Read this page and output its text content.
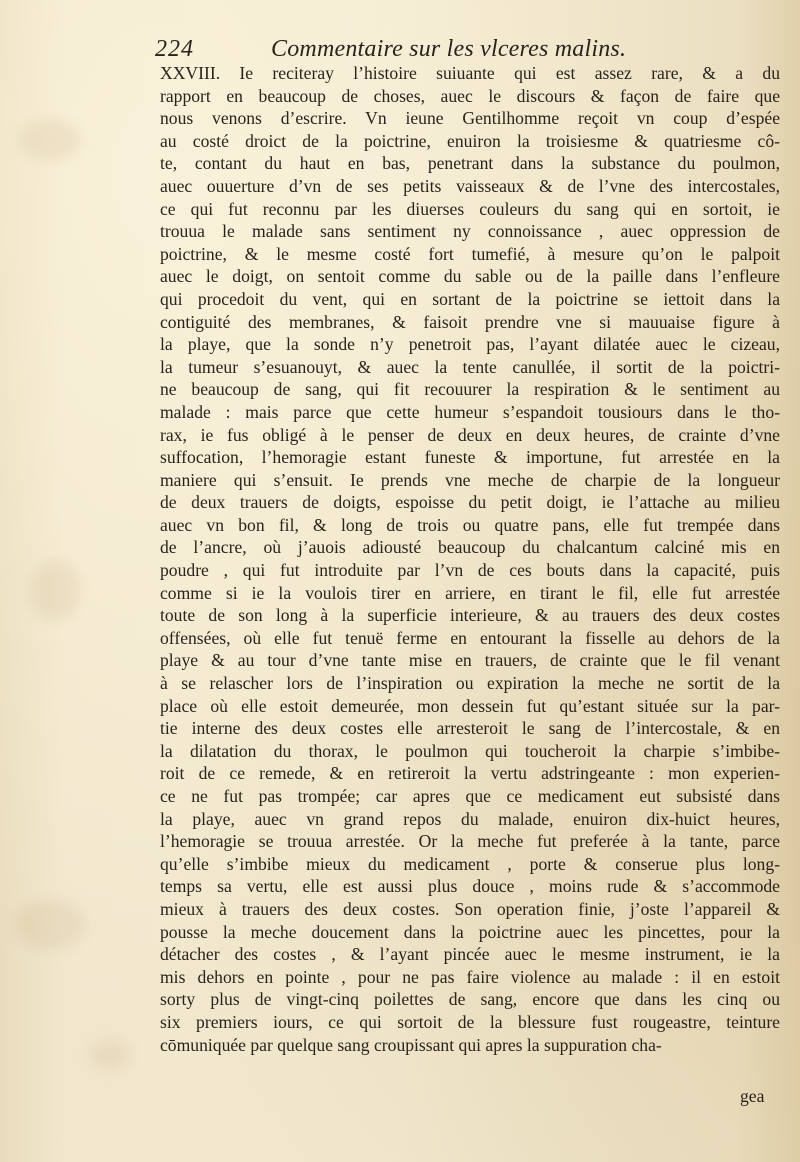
224	Commentaire sur les vlceres malins.
XXVIII. Ie reciteray l’histoire suiuante qui est assez rare, & a du
rapport en beaucoup de choses, auec le discours & façon de faire que
nous venons d’escrire. Vn ieune Gentilhomme reçoit vn coup d’espée
au costé droict de la poictrine, enuiron la troisiesme & quatriesme cô-
te, contant du haut en bas, penetrant dans la substance du poulmon,
auec ouuerture d’vn de ses petits vaisseaux & de l’vne des intercostales,
ce qui fut reconnu par les diuerses couleurs du sang qui en sortoit, ie
trouua le malade sans sentiment ny connoissance , auec oppression de
poictrine, & le mesme costé fort tumefié, à mesure qu’on le palpoit
auec le doigt, on sentoit comme du sable ou de la paille dans l’enfleure
qui procedoit du vent, qui en sortant de la poictrine se iettoit dans la
contiguité des membranes, & faisoit prendre vne si mauuaise figure à
la playe, que la sonde n’y penetroit pas, l’ayant dilatée auec le cizeau,
la tumeur s’esuanouyt, & auec la tente canullée, il sortit de la poictri-
ne beaucoup de sang, qui fit recouurer la respiration & le sentiment au
malade : mais parce que cette humeur s’espandoit tousiours dans le tho-
rax, ie fus obligé à le penser de deux en deux heures, de crainte d’vne
suffocation, l’hemoragie estant funeste & importune, fut arrestée en la
maniere qui s’ensuit. Ie prends vne meche de charpie de la longueur
de deux trauers de doigts, espoisse du petit doigt, ie l’attache au milieu
auec vn bon fil, & long de trois ou quatre pans, elle fut trempée dans
de l’ancre, où j’auois adiousté beaucoup du chalcantum calciné mis en
poudre , qui fut introduite par l’vn de ces bouts dans la capacité, puis
comme si ie la voulois tirer en arriere, en tirant le fil, elle fut arrestée
toute de son long à la superficie interieure, & au trauers des deux costes
offensées, où elle fut tenuë ferme en entourant la fisselle au dehors de la
playe & au tour d’vne tante mise en trauers, de crainte que le fil venant
à se relascher lors de l’inspiration ou expiration la meche ne sortit de la
place où elle estoit demeurée, mon dessein fut qu’estant située sur la par-
tie interne des deux costes elle arresteroit le sang de l’intercostale, & en
la dilatation du thorax, le poulmon qui toucheroit la charpie s’imbibe-
roit de ce remede, & en retireroit la vertu adstringeante : mon experien-
ce ne fut pas trompée; car apres que ce medicament eut subsisté dans
la playe, auec vn grand repos du malade, enuiron dix-huict heures,
l’hemoragie se trouua arrestée. Or la meche fut preferée à la tante, parce
qu’elle s’imbibe mieux du medicament , porte & conserue plus long-
temps sa vertu, elle est aussi plus douce , moins rude & s’accommode
mieux à trauers des deux costes. Son operation finie, j’oste l’appareil &
pousse la meche doucement dans la poictrine auec les pincettes, pour la
détacher des costes , & l’ayant pincée auec le mesme instrument, ie la
mis dehors en pointe , pour ne pas faire violence au malade : il en estoit
sorty plus de vingt-cinq poilettes de sang, encore que dans les cinq ou
six premiers iours, ce qui sortoit de la blessure fust rougeastre, teinture
cōmuniquée par quelque sang croupissant qui apres la suppuration cha-
gea
